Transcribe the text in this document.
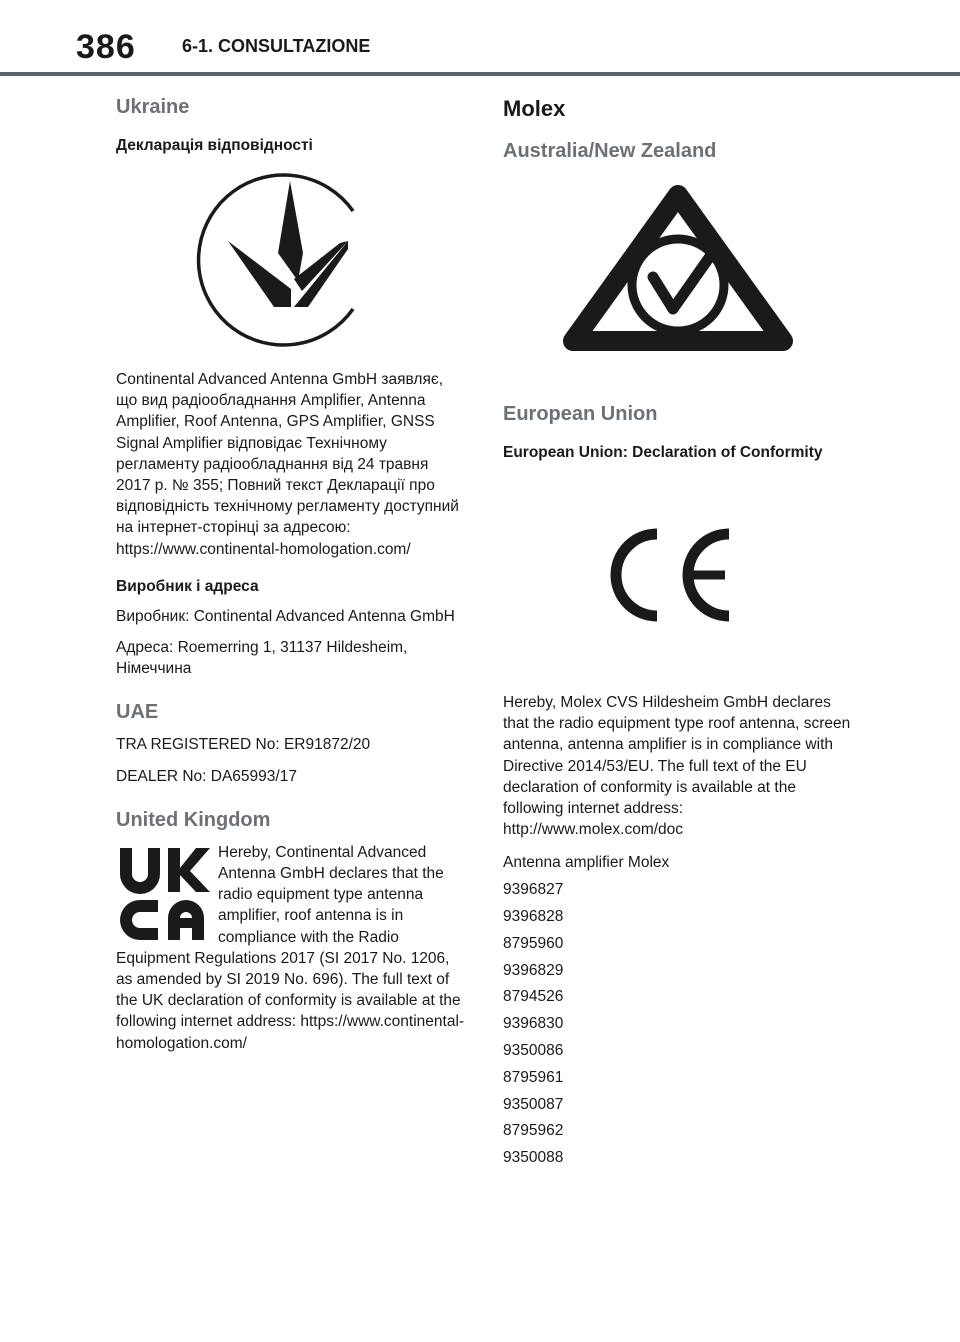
386	6-1. CONSULTAZIONE
Ukraine
Декларація відповідності
Continental Advanced Antenna GmbH заявляє, що вид радіообладнання Amplifier, Antenna Amplifier, Roof Antenna, GPS Amplifier, GNSS Signal Amplifier відповідає Технічному регламенту радіообладнання від 24 травня 2017 р. № 355; Повний текст Декларації про відповідність технічному регламенту доступний на інтернет-сторінці за адресою: https://www.continental-homologation.com/
Виробник і адреса
Виробник: Continental Advanced Antenna GmbH
Адреса: Roemerring 1, 31137 Hildesheim, Німеччина
UAE
TRA REGISTERED No: ER91872/20
DEALER No: DA65993/17
United Kingdom
Hereby, Continental Advanced Antenna GmbH declares that the radio equipment type antenna amplifier, roof antenna is in compliance with the Radio Equipment Regulations 2017 (SI 2017 No. 1206, as amended by SI 2019 No. 696). The full text of the UK declaration of conformity is available at the following internet address: https://www.continental-homologation.com/
Molex
Australia/New Zealand
European Union
European Union: Declaration of Conformity
Hereby, Molex CVS Hildesheim GmbH declares that the radio equipment type roof antenna, screen antenna, antenna amplifier is in compliance with Directive 2014/53/EU. The full text of the EU declaration of conformity is available at the following internet address: http://www.molex.com/doc
Antenna amplifier Molex
9396827
9396828
8795960
9396829
8794526
9396830
9350086
8795961
9350087
8795962
9350088
